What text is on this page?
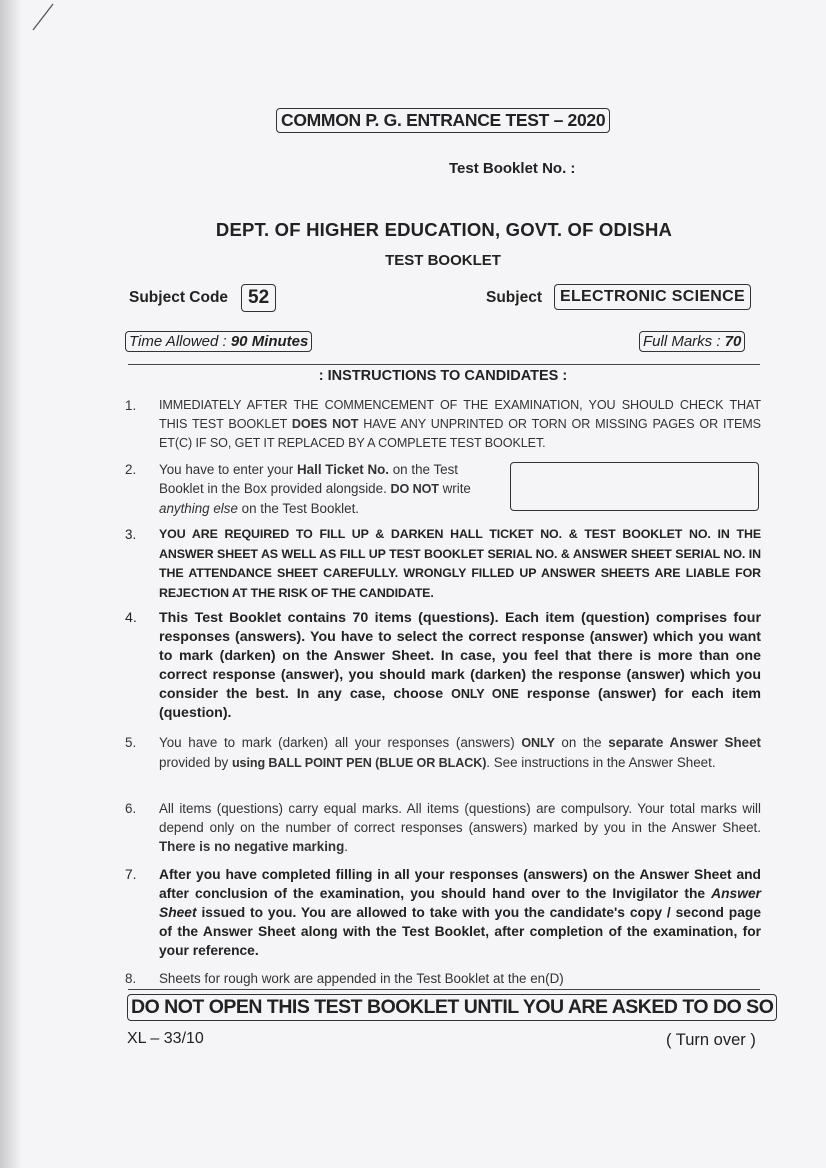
COMMON P. G. ENTRANCE TEST – 2020
Test Booklet No. :
DEPT. OF HIGHER EDUCATION, GOVT. OF ODISHA
TEST BOOKLET
Subject Code	52	Subject	ELECTRONIC SCIENCE
Time Allowed : 90 Minutes	Full Marks : 70
: INSTRUCTIONS TO CANDIDATES :
1.	IMMEDIATELY AFTER THE COMMENCEMENT OF THE EXAMINATION, YOU SHOULD CHECK THAT THIS TEST BOOKLET DOES NOT HAVE ANY UNPRINTED OR TORN OR MISSING PAGES OR ITEMS ET(C) IF SO, GET IT REPLACED BY A COMPLETE TEST BOOKLET.
2.	You have to enter your Hall Ticket No. on the Test Booklet in the Box provided alongside. DO NOT write anything else on the Test Booklet.
3.	YOU ARE REQUIRED TO FILL UP & DARKEN HALL TICKET NO. & TEST BOOKLET NO. IN THE ANSWER SHEET AS WELL AS FILL UP TEST BOOKLET SERIAL NO. & ANSWER SHEET SERIAL NO. IN THE ATTENDANCE SHEET CAREFULLY. WRONGLY FILLED UP ANSWER SHEETS ARE LIABLE FOR REJECTION AT THE RISK OF THE CANDIDATE.
4.	This Test Booklet contains 70 items (questions). Each item (question) comprises four responses (answers). You have to select the correct response (answer) which you want to mark (darken) on the Answer Sheet. In case, you feel that there is more than one correct response (answer), you should mark (darken) the response (answer) which you consider the best. In any case, choose ONLY ONE response (answer) for each item (question).
5.	You have to mark (darken) all your responses (answers) ONLY on the separate Answer Sheet provided by using BALL POINT PEN (BLUE OR BLACK). See instructions in the Answer Sheet.
6.	All items (questions) carry equal marks. All items (questions) are compulsory. Your total marks will depend only on the number of correct responses (answers) marked by you in the Answer Sheet. There is no negative marking.
7.	After you have completed filling in all your responses (answers) on the Answer Sheet and after conclusion of the examination, you should hand over to the Invigilator the Answer Sheet issued to you. You are allowed to take with you the candidate's copy / second page of the Answer Sheet along with the Test Booklet, after completion of the examination, for your reference.
8.	Sheets for rough work are appended in the Test Booklet at the en(D)
DO NOT OPEN THIS TEST BOOKLET UNTIL YOU ARE ASKED TO DO SO
XL – 33/10	( Turn over )
